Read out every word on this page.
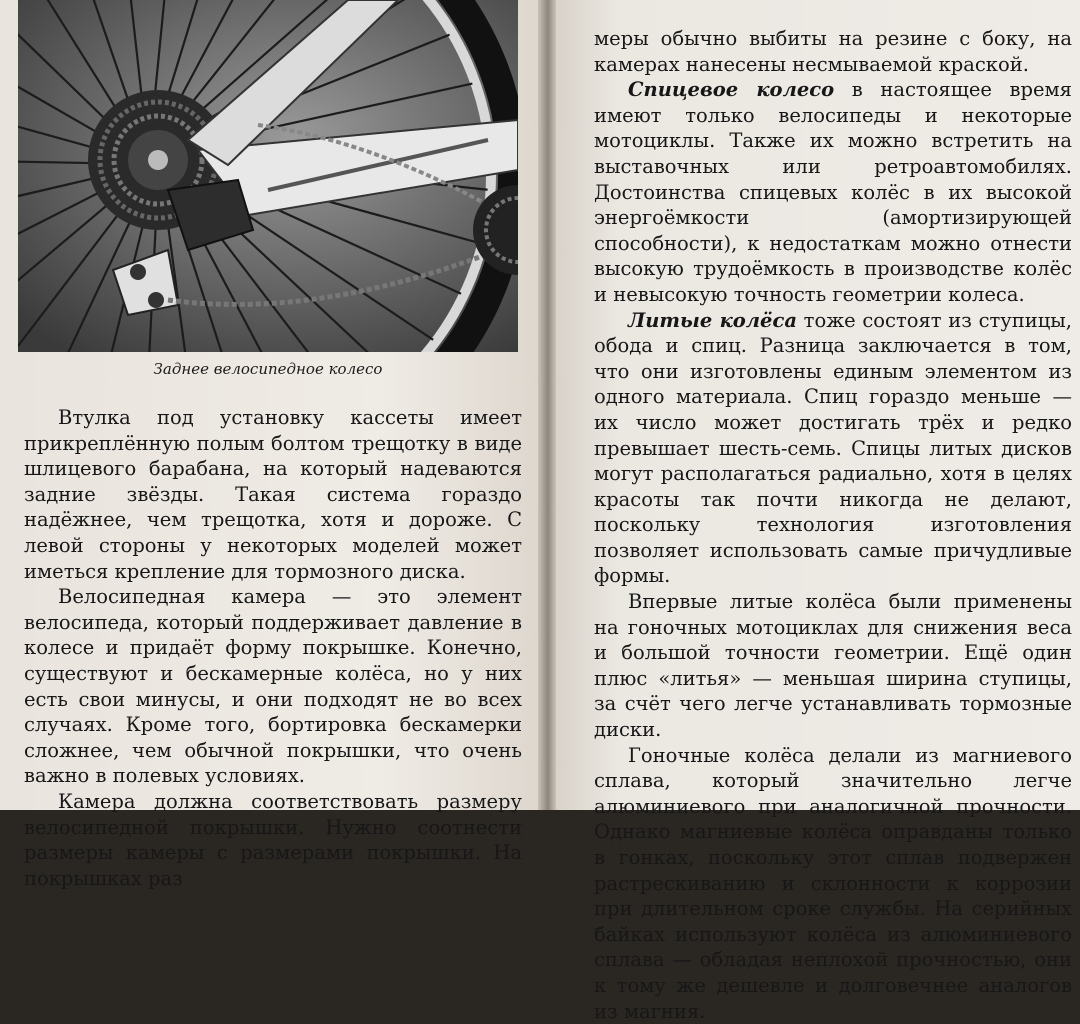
Заднее велосипедное колесо

Втулка под установку кассеты имеет прикреплённую полым болтом трещотку в виде шлицевого барабана, на который надеваются задние звёзды. Такая система гораздо надёжнее, чем трещотка, хотя и дороже. С левой стороны у некоторых моделей может иметься крепление для тормозного диска.

Велосипедная камера — это элемент велосипеда, который поддерживает давление в колесе и придаёт форму покрышке. Конечно, существуют и бескамерные колёса, но у них есть свои минусы, и они подходят не во всех случаях. Кроме того, бортировка бескамерки сложнее, чем обычной покрышки, что очень важно в полевых условиях.

Камера должна соответствовать размеру велосипедной покрышки. Нужно соотнести размеры камеры с размерами покрышки. На покрышках раз

меры обычно выбиты на резине с боку, на камерах нанесены несмываемой краской.

Спицевое колесо в настоящее время имеют только велосипеды и некоторые мотоциклы. Также их можно встретить на выставочных или ретроавтомобилях. Достоинства спицевых колёс в их высокой энергоёмкости (амортизирующей способности), к недостаткам можно отнести высокую трудоёмкость в производстве колёс и невысокую точность геометрии колеса.

Литые колёса тоже состоят из ступицы, обода и спиц. Разница заключается в том, что они изготовлены единым элементом из одного материала. Спиц гораздо меньше — их число может достигать трёх и редко превышает шесть-семь. Спицы литых дисков могут располагаться радиально, хотя в целях красоты так почти никогда не делают, поскольку технология изготовления позволяет использовать самые причудливые формы.

Впервые литые колёса были применены на гоночных мотоциклах для снижения веса и большой точности геометрии. Ещё один плюс «литья» — меньшая ширина ступицы, за счёт чего легче устанавливать тормозные диски.

Гоночные колёса делали из магниевого сплава, который значительно легче алюминиевого при аналогичной прочности. Однако магниевые колёса оправданы только в гонках, поскольку этот сплав подвержен растрескиванию и склонности к коррозии при длительном сроке службы. На серийных байках используют колёса из алюминиевого сплава — обладая неплохой прочностью, они к тому же дешевле и долговечнее аналогов из магния.
